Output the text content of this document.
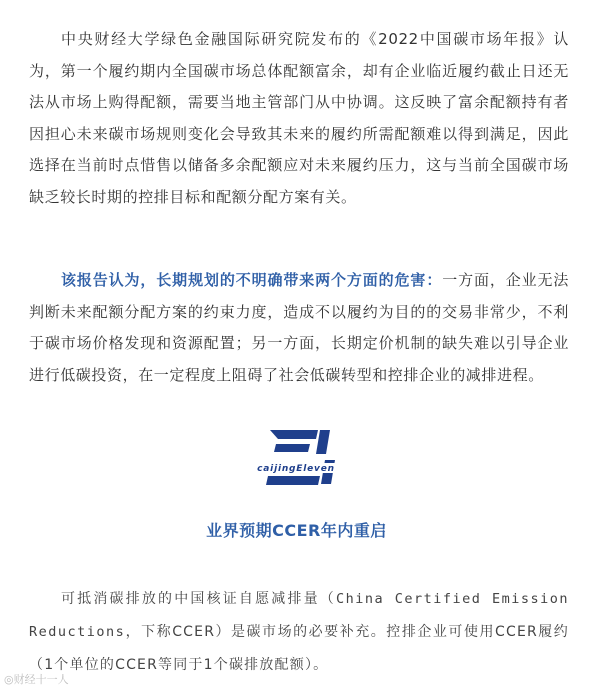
中央财经大学绿色金融国际研究院发布的《2022中国碳市场年报》认为，第一个履约期内全国碳市场总体配额富余，却有企业临近履约截止日还无法从市场上购得配额，需要当地主管部门从中协调。这反映了富余配额持有者因担心未来碳市场规则变化会导致其未来的履约所需配额难以得到满足，因此选择在当前时点惜售以储备多余配额应对未来履约压力，这与当前全国碳市场缺乏较长时期的控排目标和配额分配方案有关。

该报告认为，长期规划的不明确带来两个方面的危害：一方面，企业无法判断未来配额分配方案的约束力度，造成不以履约为目的的交易非常少，不利于碳市场价格发现和资源配置；另一方面，长期定价机制的缺失难以引导企业进行低碳投资，在一定程度上阻碍了社会低碳转型和控排企业的减排进程。

caijingEleven
业界预期CCER年内重启

可抵消碳排放的中国核证自愿减排量（China Certified Emission Reductions，下称CCER）是碳市场的必要补充。控排企业可使用CCER履约（1个单位的CCER等同于1个碳排放配额）。

◎财经十一人
